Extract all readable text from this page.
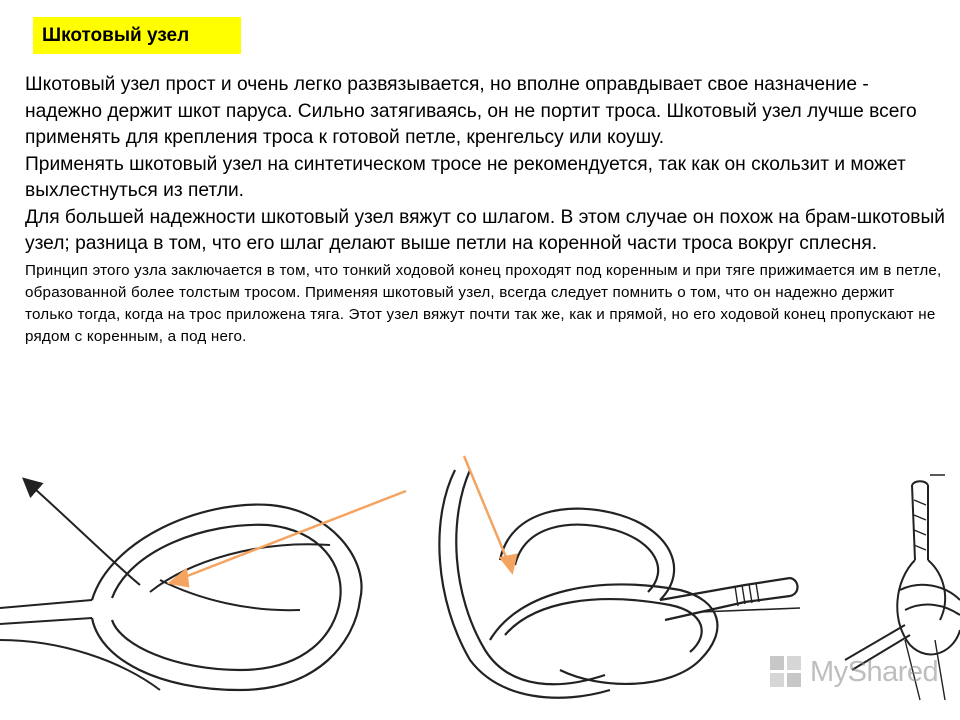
Шкотовый узел

Шкотовый узел прост и очень легко развязывается, но вполне оправдывает свое назначение - надежно держит шкот паруса. Сильно затягиваясь, он не портит троса. Шкотовый узел лучше всего применять для крепления троса к готовой петле, кренгельсу или коушу.

Применять шкотовый узел на синтетическом тросе не рекомендуется, так как он скользит и может выхлестнуться из петли.

Для большей надежности шкотовый узел вяжут со шлагом. В этом случае он похож на брам-шкотовый узел; разница в том, что его шлаг делают выше петли на коренной части троса вокруг сплесня.

Принцип этого узла заключается в том, что тонкий ходовой конец проходят под коренным и при тяге прижимается им в петле, образованной более толстым тросом. Применяя шкотовый узел, всегда следует помнить о том, что он надежно держит только тогда, когда на трос приложена тяга. Этот узел вяжут почти так же, как и прямой, но его ходовой конец пропускают не рядом с коренным, а под него.

MyShared
